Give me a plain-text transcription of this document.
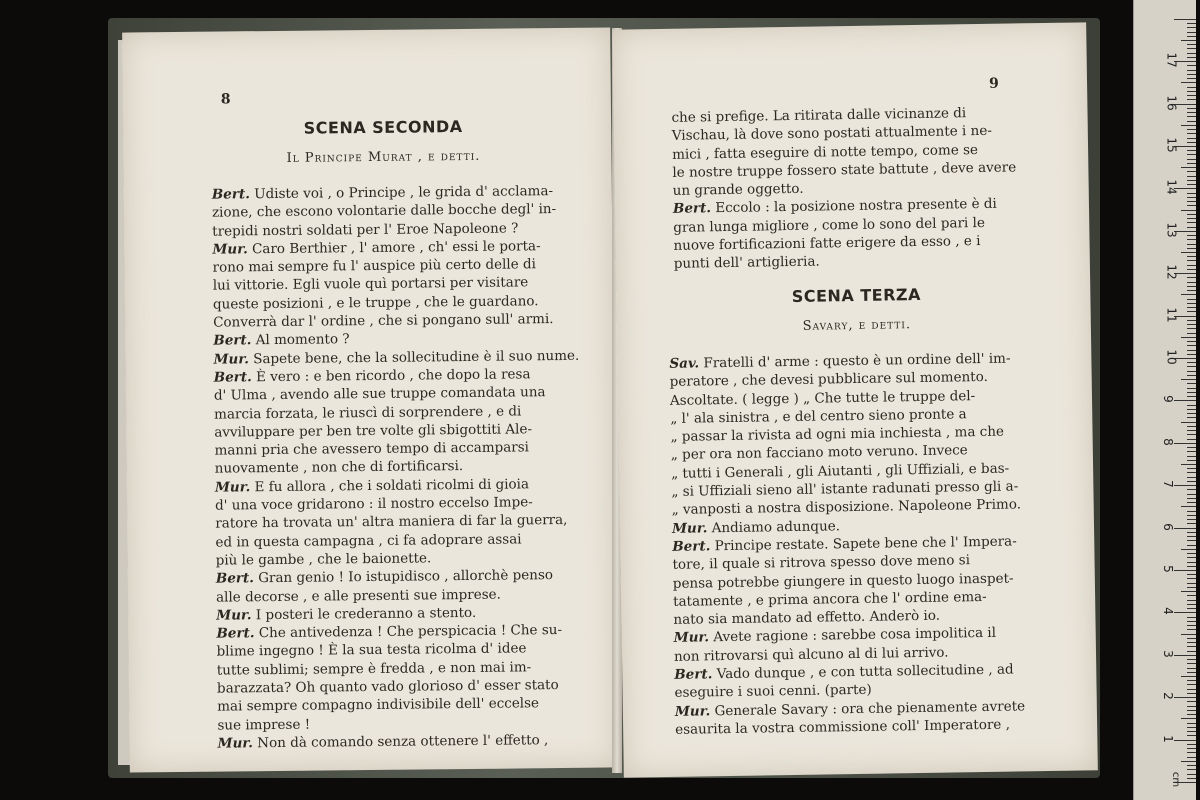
8
SCENA SECONDA
Il Principe Murat , e detti.
Bert. Udiste voi , o Principe , le grida d' acclama-
zione, che escono volontarie dalle bocche degl' in-
trepidi nostri soldati per l' Eroe Napoleone ?
Mur. Caro Berthier , l' amore , ch' essi le porta-
rono mai sempre fu l' auspice più certo delle di
lui vittorie. Egli vuole quì portarsi per visitare
queste posizioni , e le truppe , che le guardano.
Converrà dar l' ordine , che si pongano sull' armi.
Bert. Al momento ?
Mur. Sapete bene, che la sollecitudine è il suo nume.
Bert. È vero : e ben ricordo , che dopo la resa
d' Ulma , avendo alle sue truppe comandata una
marcia forzata, le riuscì di sorprendere , e di
avviluppare per ben tre volte gli sbigottiti Ale-
manni pria che avessero tempo di accamparsi
nuovamente , non che di fortificarsi.
Mur. E fu allora , che i soldati ricolmi di gioia
d' una voce gridarono : il nostro eccelso Impe-
ratore ha trovata un' altra maniera di far la guerra,
ed in questa campagna , ci fa adoprare assai
più le gambe , che le baionette.
Bert. Gran genio ! Io istupidisco , allorchè penso
alle decorse , e alle presenti sue imprese.
Mur. I posteri le crederanno a stento.
Bert. Che antivedenza ! Che perspicacia ! Che su-
blime ingegno ! È la sua testa ricolma d' idee
tutte sublimi; sempre è fredda , e non mai im-
barazzata? Oh quanto vado glorioso d' esser stato
mai sempre compagno indivisibile dell' eccelse
sue imprese !
Mur. Non dà comando senza ottenere l' effetto ,
9
che si prefige. La ritirata dalle vicinanze di
Vischau, là dove sono postati attualmente i ne-
mici , fatta eseguire di notte tempo, come se
le nostre truppe fossero state battute , deve avere
un grande oggetto.
Bert. Eccolo : la posizione nostra presente è di
gran lunga migliore , come lo sono del pari le
nuove fortificazioni fatte erigere da esso , e i
punti dell' artiglieria.
SCENA TERZA
Savary, e detti.
Sav. Fratelli d' arme : questo è un ordine dell' im-
peratore , che devesi pubblicare sul momento.
Ascoltate. ( legge ) „ Che tutte le truppe del-
„ l' ala sinistra , e del centro sieno pronte a
„ passar la rivista ad ogni mia inchiesta , ma che
„ per ora non facciano moto veruno. Invece
„ tutti i Generali , gli Aiutanti , gli Uffiziali, e bas-
„ si Uffiziali sieno all' istante radunati presso gli a-
„ vanposti a nostra disposizione. Napoleone Primo.
Mur. Andiamo adunque.
Bert. Principe restate. Sapete bene che l' Impera-
tore, il quale si ritrova spesso dove meno si
pensa potrebbe giungere in questo luogo inaspet-
tatamente , e prima ancora che l' ordine ema-
nato sia mandato ad effetto. Anderò io.
Mur. Avete ragione : sarebbe cosa impolitica il
non ritrovarsi quì alcuno al di lui arrivo.
Bert. Vado dunque , e con tutta sollecitudine , ad
eseguire i suoi cenni. (parte)
Mur. Generale Savary : ora che pienamente avrete
esaurita la vostra commissione coll' Imperatore ,
1
2
3
4
5
6
7
8
9
10
11
12
13
14
15
16
17
cm
